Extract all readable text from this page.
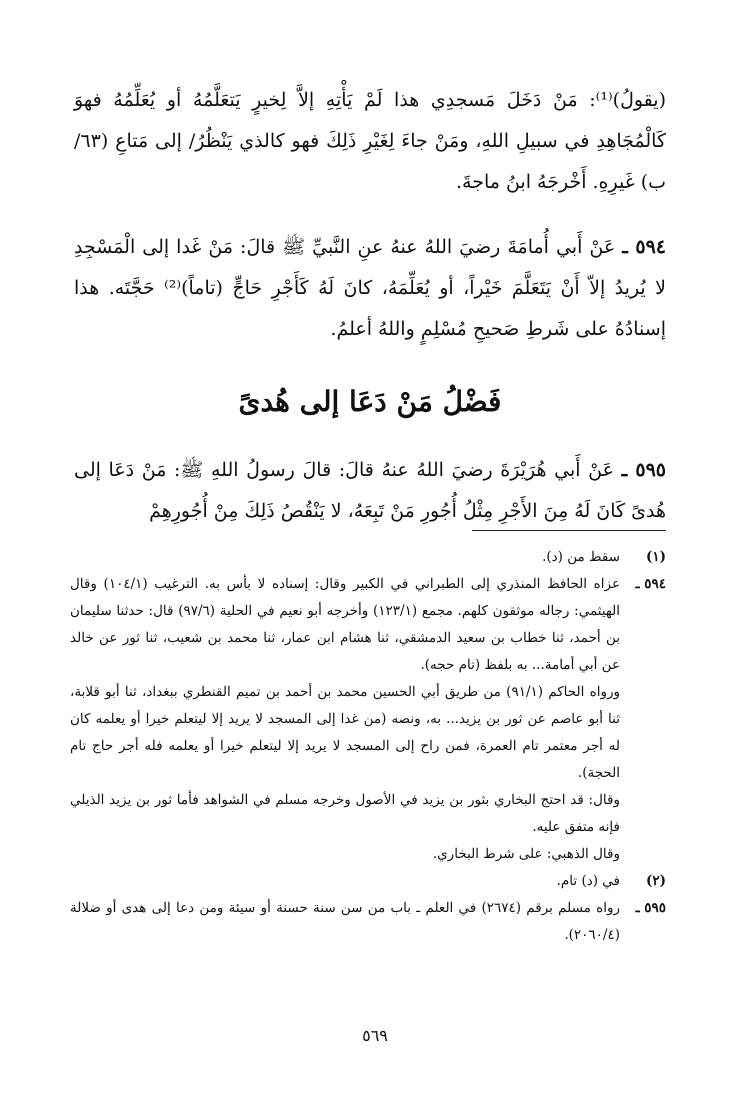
(يقولُ)⁽¹⁾: مَنْ دَخَلَ مَسجدِي هذا لَمْ يَأْتِهِ إلاَّ لِخيرٍ يَتعَلَّمُهُ أو يُعَلِّمُهُ فهوَ كَالْمُجَاهِدِ في سبيلِ اللهِ، ومَنْ جاءَ لِغَيْرِ ذَلِكَ فهو كالذي يَنْظُرُ/ إلى مَتاعِ (٦٣/ ب) غَيرِهِ. أَخْرجَهُ ابنُ ماجةَ.

٥٩٤ ـ عَنْ أَبي أُمامَةَ رضيَ اللهُ عنهُ عنِ النَّبيِّ ﷺ قالَ: مَنْ غَدا إلى الْمَسْجِدِ لا يُريدُ إلاّ أَنْ يَتَعَلَّمَ خَيْراً، أو يُعَلِّمَهُ، كانَ لَهُ كَأَجْرِ حَاجٍّ (تاماً)⁽²⁾ حَجَّتَه. هذا إسنادُهُ على شَرطِ صَحيحِ مُسْلِمٍ واللهُ أعلمُ.

فَضْلُ مَنْ دَعَا إلى هُدىً

٥٩٥ ـ عَنْ أَبي هُرَيْرَةَ رضيَ اللهُ عنهُ قالَ: قالَ رسولُ اللهِ ﷺ: مَنْ دَعَا إلى هُدىً كَانَ لَهُ مِنَ الأَجْرِ مِثْلُ أُجُورِ مَنْ تَبِعَهُ، لا يَنْقُصُ ذَلِكَ مِنْ أُجُورِهِمْ

(١)

سقط من (د).

٥٩٤ ـ

عزاه الحافظ المنذري إلى الطبراني في الكبير وقال: إسناده لا بأس به. الترغيب (١٠٤/١) وقال الهيثمي: رجاله موثقون كلهم. مجمع (١٢٣/١) وأخرجه أبو نعيم في الحلية (٩٧/٦) قال: حدثنا سليمان بن أحمد، ثنا خطاب بن سعيد الدمشقي، ثنا هشام ابن عمار، ثنا محمد بن شعيب، ثنا ثور عن خالد عن أبي أمامة... به بلفظ (تام حجه).

ورواه الحاكم (٩١/١) من طريق أبي الحسين محمد بن أحمد بن تميم القنطري ببغداد، ثنا أبو قلابة، ثنا أبو عاصم عن ثور بن يزيد... به، ونصه (من غدا إلى المسجد لا يريد إلا ليتعلم خيرا أو يعلمه كان له أجر معتمر تام العمرة، فمن راح إلى المسجد لا يريد إلا ليتعلم خيرا أو يعلمه فله أجر حاج تام الحجة).

وقال: قد احتج البخاري بثور بن يزيد في الأصول وخرجه مسلم في الشواهد فأما ثور بن يزيد الذيلي فإنه متفق عليه.

وقال الذهبي: على شرط البخاري.

(٢)

في (د) تام.

٥٩٥ ـ

رواه مسلم برقم (٢٦٧٤) في العلم ـ باب من سن سنة حسنة أو سيئة ومن دعا إلى هدى أو ضلالة (٢٠٦٠/٤).

٥٦٩
